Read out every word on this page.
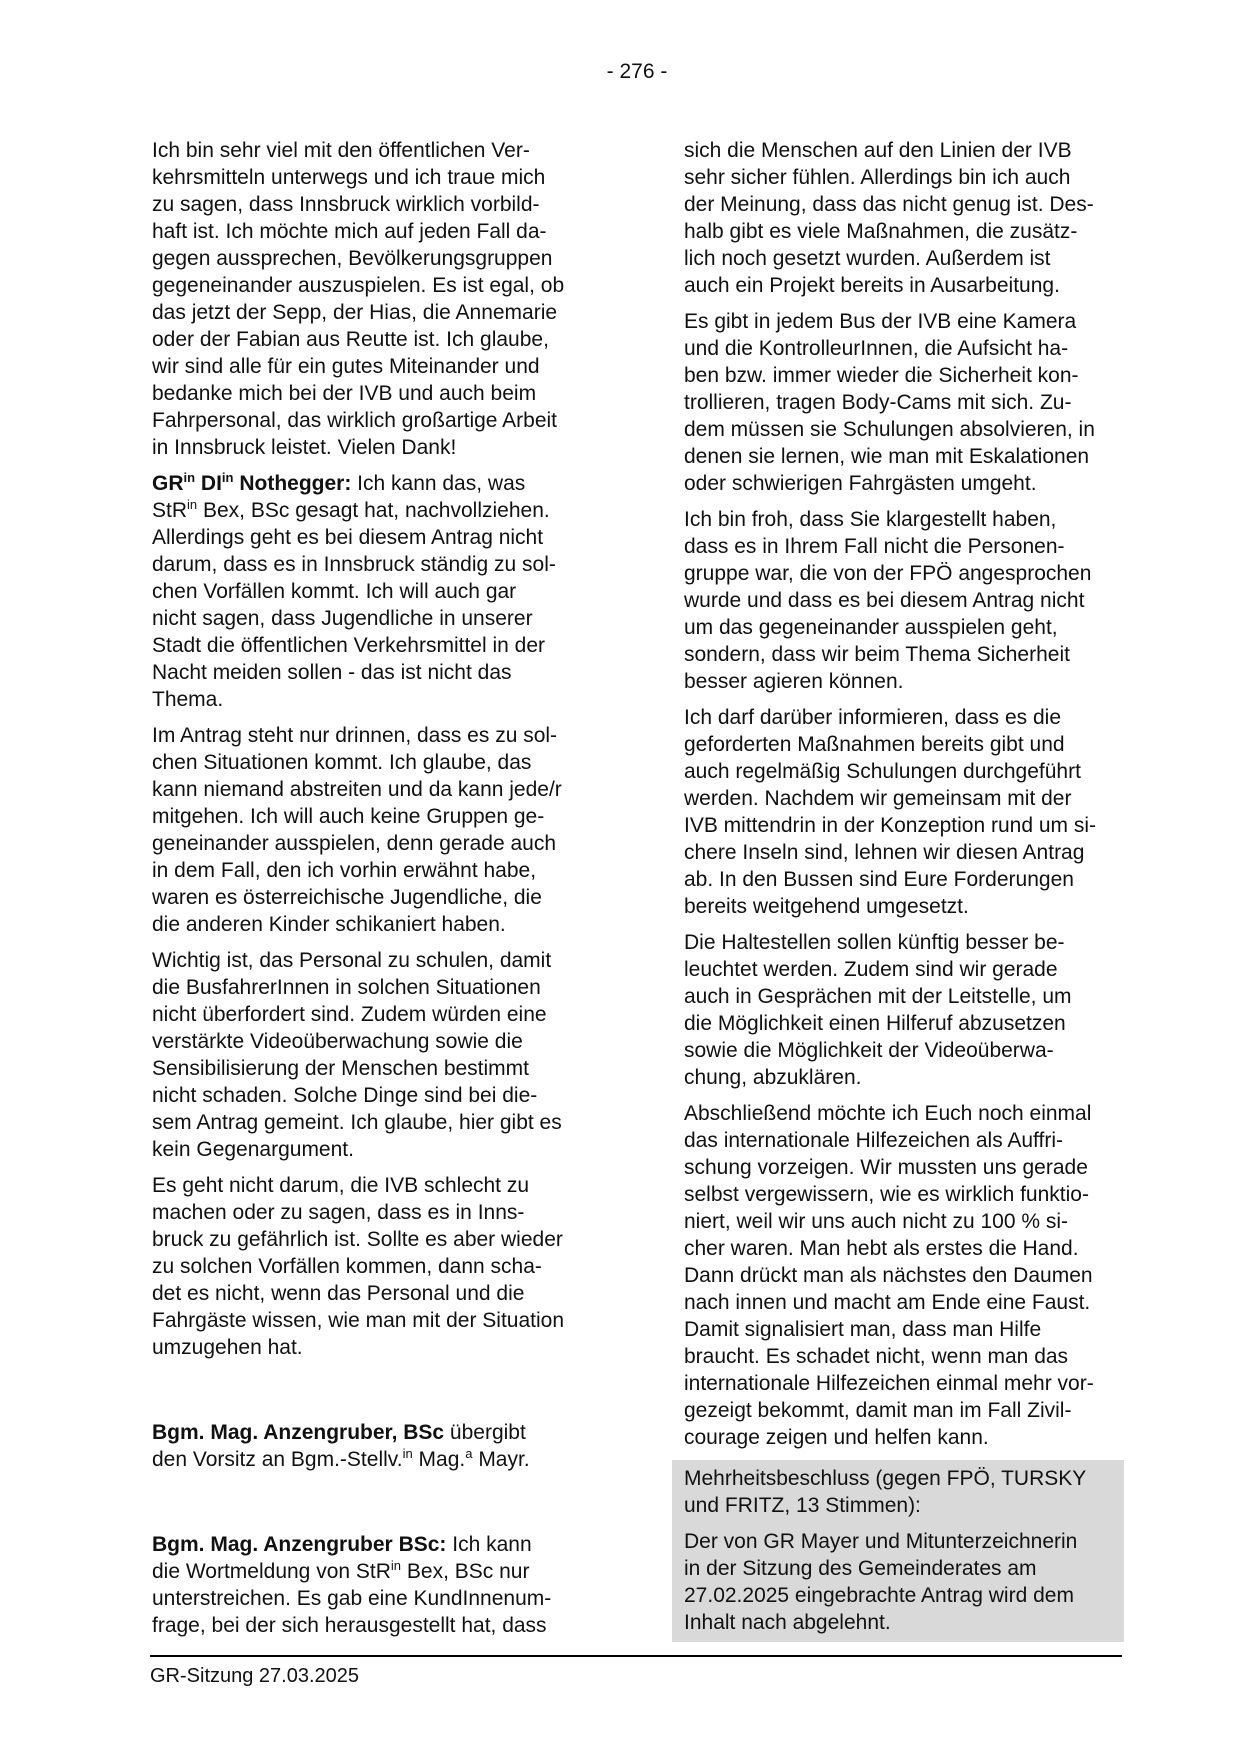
- 276 -
Ich bin sehr viel mit den öffentlichen Ver-
kehrsmitteln unterwegs und ich traue mich
zu sagen, dass Innsbruck wirklich vorbild-
haft ist. Ich möchte mich auf jeden Fall da-
gegen aussprechen, Bevölkerungsgruppen
gegeneinander auszuspielen. Es ist egal, ob
das jetzt der Sepp, der Hias, die Annemarie
oder der Fabian aus Reutte ist. Ich glaube,
wir sind alle für ein gutes Miteinander und
bedanke mich bei der IVB und auch beim
Fahrpersonal, das wirklich großartige Arbeit
in Innsbruck leistet. Vielen Dank!
$GR^{in}$ $DI^{in}$ Nothegger: Ich kann das, was
StR$^{in}$ Bex, BSc gesagt hat, nachvollziehen.
Allerdings geht es bei diesem Antrag nicht
darum, dass es in Innsbruck ständig zu sol-
chen Vorfällen kommt. Ich will auch gar
nicht sagen, dass Jugendliche in unserer
Stadt die öffentlichen Verkehrsmittel in der
Nacht meiden sollen - das ist nicht das
Thema.
Im Antrag steht nur drinnen, dass es zu sol-
chen Situationen kommt. Ich glaube, das
kann niemand abstreiten und da kann jede/r
mitgehen. Ich will auch keine Gruppen ge-
geneinander ausspielen, denn gerade auch
in dem Fall, den ich vorhin erwähnt habe,
waren es österreichische Jugendliche, die
die anderen Kinder schikaniert haben.
Wichtig ist, das Personal zu schulen, damit
die BusfahrerInnen in solchen Situationen
nicht überfordert sind. Zudem würden eine
verstärkte Videoüberwachung sowie die
Sensibilisierung der Menschen bestimmt
nicht schaden. Solche Dinge sind bei die-
sem Antrag gemeint. Ich glaube, hier gibt es
kein Gegenargument.
Es geht nicht darum, die IVB schlecht zu
machen oder zu sagen, dass es in Inns-
bruck zu gefährlich ist. Sollte es aber wieder
zu solchen Vorfällen kommen, dann scha-
det es nicht, wenn das Personal und die
Fahrgäste wissen, wie man mit der Situation
umzugehen hat.
Bgm. Mag. Anzengruber, BSc übergibt
den Vorsitz an Bgm.-Stellv.$^{in}$ Mag.$^a$ Mayr.
Bgm. Mag. Anzengruber BSc: Ich kann
die Wortmeldung von StR$^{in}$ Bex, BSc nur
unterstreichen. Es gab eine KundInnenum-
frage, bei der sich herausgestellt hat, dass
sich die Menschen auf den Linien der IVB
sehr sicher fühlen. Allerdings bin ich auch
der Meinung, dass das nicht genug ist. Des-
halb gibt es viele Maßnahmen, die zusätz-
lich noch gesetzt wurden. Außerdem ist
auch ein Projekt bereits in Ausarbeitung.
Es gibt in jedem Bus der IVB eine Kamera
und die KontrolleurInnen, die Aufsicht ha-
ben bzw. immer wieder die Sicherheit kon-
trollieren, tragen Body-Cams mit sich. Zu-
dem müssen sie Schulungen absolvieren, in
denen sie lernen, wie man mit Eskalationen
oder schwierigen Fahrgästen umgeht.
Ich bin froh, dass Sie klargestellt haben,
dass es in Ihrem Fall nicht die Personen-
gruppe war, die von der FPÖ angesprochen
wurde und dass es bei diesem Antrag nicht
um das gegeneinander ausspielen geht,
sondern, dass wir beim Thema Sicherheit
besser agieren können.
Ich darf darüber informieren, dass es die
geforderten Maßnahmen bereits gibt und
auch regelmäßig Schulungen durchgeführt
werden. Nachdem wir gemeinsam mit der
IVB mittendrin in der Konzeption rund um si-
chere Inseln sind, lehnen wir diesen Antrag
ab. In den Bussen sind Eure Forderungen
bereits weitgehend umgesetzt.
Die Haltestellen sollen künftig besser be-
leuchtet werden. Zudem sind wir gerade
auch in Gesprächen mit der Leitstelle, um
die Möglichkeit einen Hilferuf abzusetzen
sowie die Möglichkeit der Videoüberwa-
chung, abzuklären.
Abschließend möchte ich Euch noch einmal
das internationale Hilfezeichen als Auffri-
schung vorzeigen. Wir mussten uns gerade
selbst vergewissern, wie es wirklich funktio-
niert, weil wir uns auch nicht zu 100 % si-
cher waren. Man hebt als erstes die Hand.
Dann drückt man als nächstes den Daumen
nach innen und macht am Ende eine Faust.
Damit signalisiert man, dass man Hilfe
braucht. Es schadet nicht, wenn man das
internationale Hilfezeichen einmal mehr vor-
gezeigt bekommt, damit man im Fall Zivil-
courage zeigen und helfen kann.
Mehrheitsbeschluss (gegen FPÖ, TURSKY
und FRITZ, 13 Stimmen):
Der von GR Mayer und Mitunterzeichnerin
in der Sitzung des Gemeinderates am
27.02.2025 eingebrachte Antrag wird dem
Inhalt nach abgelehnt.
GR-Sitzung 27.03.2025
